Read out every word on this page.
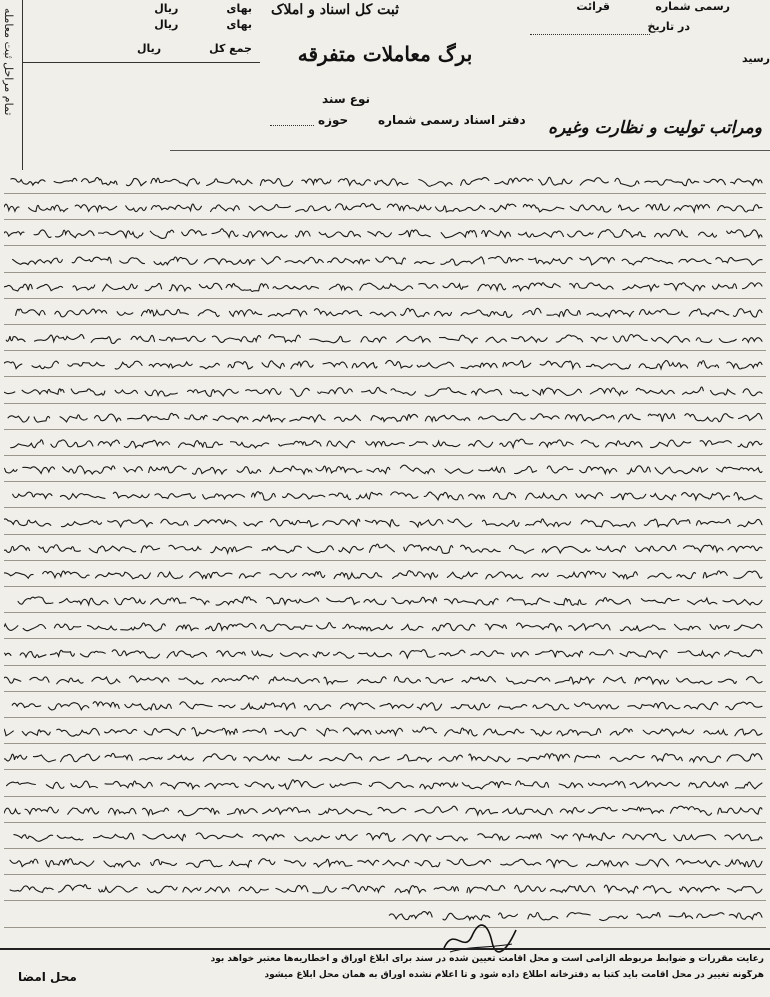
تمام مراحل ثبت معامله	بهای
ریال
بهای
ریال
جمع کل
ریال
ثبت کل اسناد و املاک
برگ معاملات متفرقه
رسمی شماره
قرائت
در تاریخ
رسید
نوع سند
دفتر اسناد رسمی شماره
حوزه	ومراتب تولیت و نظارت وغیره
رعایت مقررات و ضوابط مربوطه الزامی است و محل اقامت تعیین شده در سند برای ابلاغ اوراق و اخطاریه‌ها معتبر خواهد بود
هرگونه تغییر در محل اقامت باید کتباً به دفترخانه اطلاع داده شود و تا اعلام نشده اوراق به همان محل ابلاغ میشود
محل امضا
